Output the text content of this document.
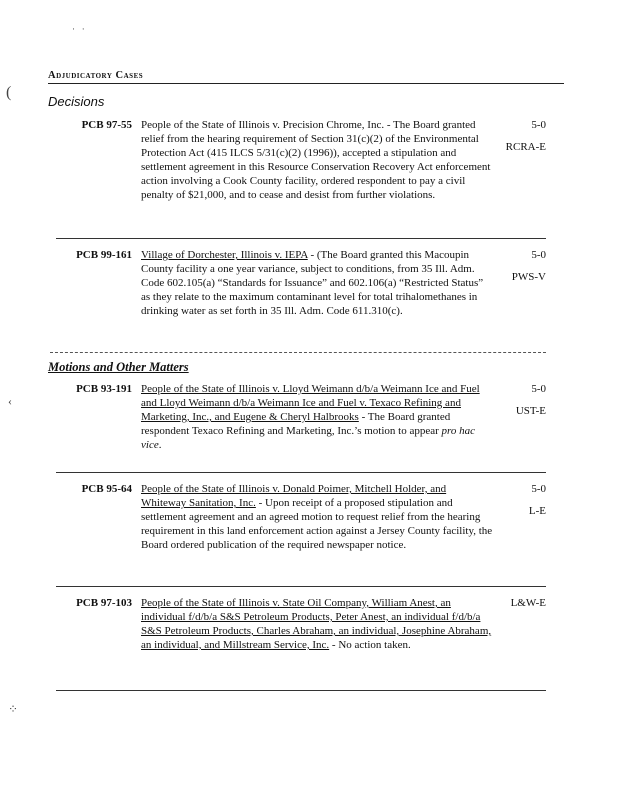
·   ·
(
‹
⁘
Adjudicatory Cases
Decisions
PCB 97-55 People of the State of Illinois v. Precision Chrome, Inc. - The Board granted relief from the hearing requirement of Section 31(c)(2) of the Environmental Protection Act (415 ILCS 5/31(c)(2) (1996)), accepted a stipulation and settlement agreement in this Resource Conservation Recovery Act enforcement action involving a Cook County facility, ordered respondent to pay a civil penalty of $21,000, and to cease and desist from further violations.
5-0
RCRA-E
PCB 99-161 Village of Dorchester, Illinois v. IEPA - (The Board granted this Macoupin County facility a one year variance, subject to conditions, from 35 Ill. Adm. Code 602.105(a) “Standards for Issuance” and 602.106(a) “Restricted Status” as they relate to the maximum contaminant level for total trihalomethanes in drinking water as set forth in 35 Ill. Adm. Code 611.310(c).
5-0
PWS-V
Motions and Other Matters
PCB 93-191 People of the State of Illinois v. Lloyd Weimann d/b/a Weimann Ice and Fuel and Lloyd Weimann d/b/a Weimann Ice and Fuel v. Texaco Refining and Marketing, Inc., and Eugene & Cheryl Halbrooks - The Board granted respondent Texaco Refining and Marketing, Inc.’s motion to appear pro hac vice.
5-0
UST-E
PCB 95-64 People of the State of Illinois v. Donald Poimer, Mitchell Holder, and Whiteway Sanitation, Inc. - Upon receipt of a proposed stipulation and settlement agreement and an agreed motion to request relief from the hearing requirement in this land enforcement action against a Jersey County facility, the Board ordered publication of the required newspaper notice.
5-0
L-E
PCB 97-103 People of the State of Illinois v. State Oil Company, William Anest, an individual f/d/b/a S&S Petroleum Products, Peter Anest, an individual f/d/b/a S&S Petroleum Products, Charles Abraham, an individual, Josephine Abraham, an individual, and Millstream Service, Inc. - No action taken.
L&W-E
